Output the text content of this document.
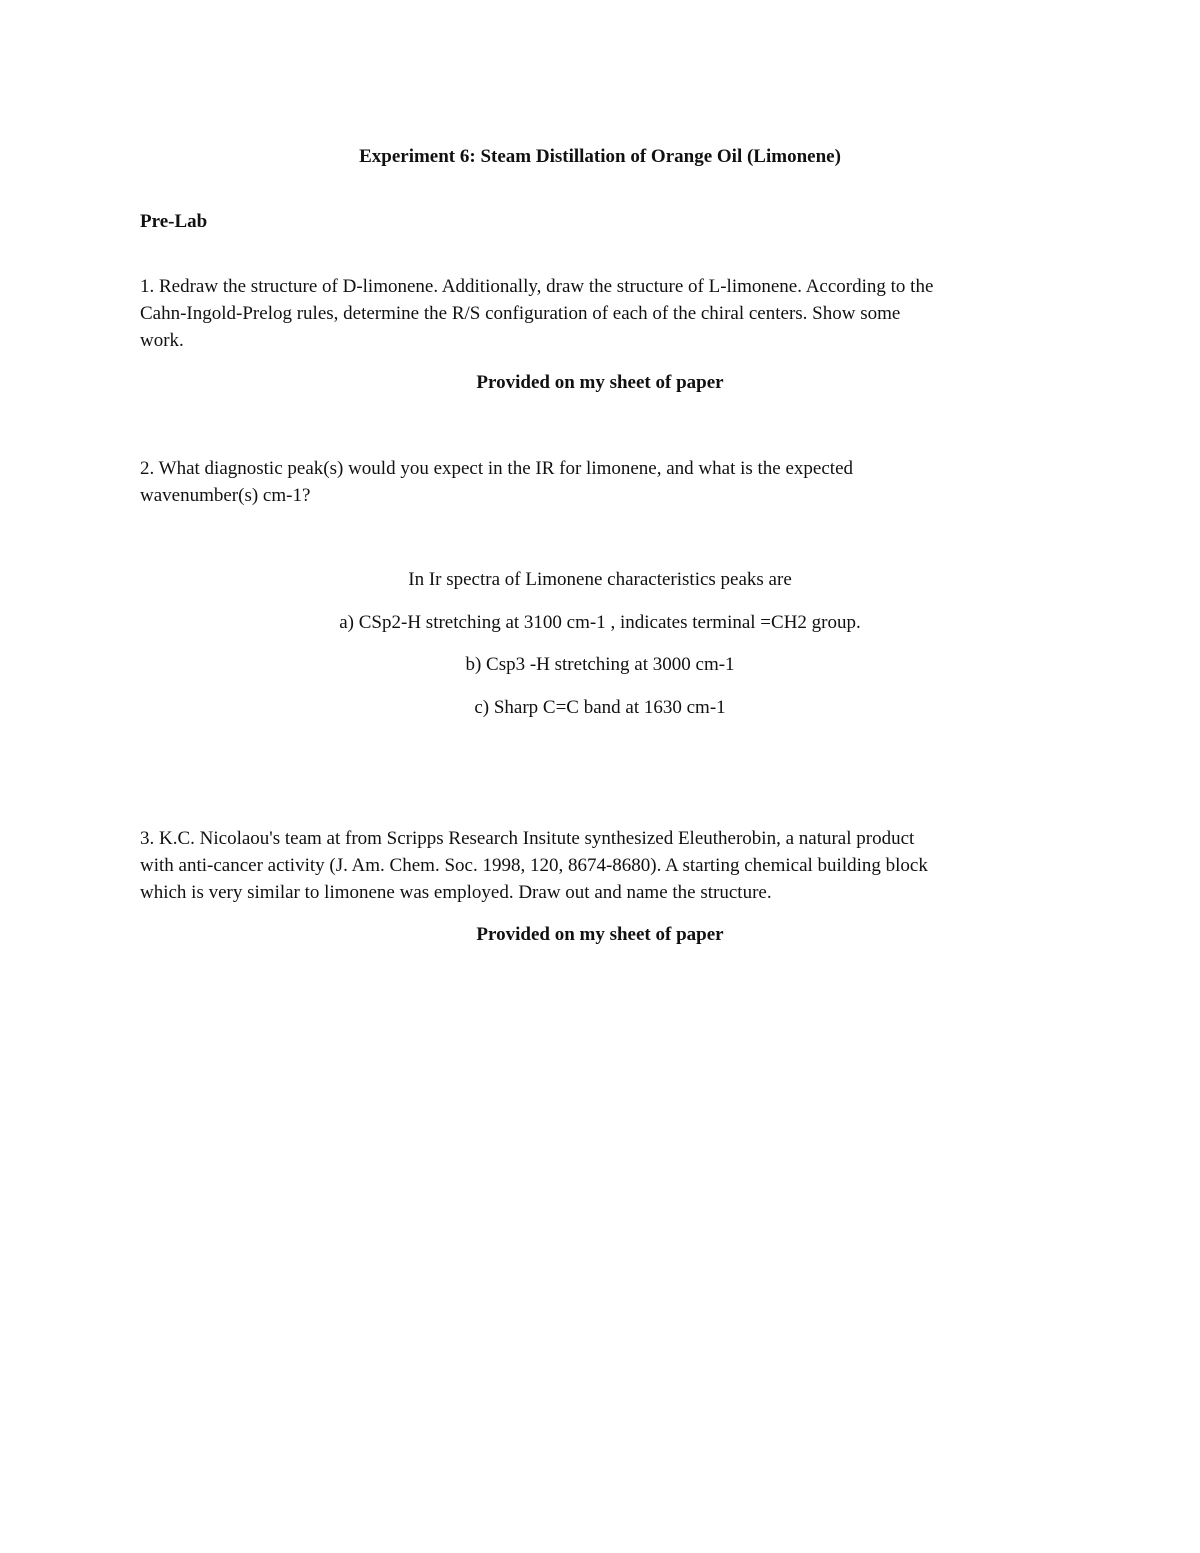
Experiment 6: Steam Distillation of Orange Oil (Limonene)
Pre-Lab
1. Redraw the structure of D-limonene. Additionally, draw the structure of L-limonene. According to the
Cahn-Ingold-Prelog rules, determine the R/S configuration of each of the chiral centers. Show some
work.
Provided on my sheet of paper
2. What diagnostic peak(s) would you expect in the IR for limonene, and what is the expected
wavenumber(s) cm-1?
In Ir spectra of Limonene characteristics peaks are
a) CSp2-H stretching at 3100 cm-1 , indicates terminal =CH2 group.
b) Csp3 -H stretching at 3000 cm-1
c) Sharp C=C band at 1630 cm-1
3. K.C. Nicolaou's team at from Scripps Research Insitute synthesized Eleutherobin, a natural product
with anti-cancer activity (J. Am. Chem. Soc. 1998, 120, 8674-8680). A starting chemical building block
which is very similar to limonene was employed. Draw out and name the structure.
Provided on my sheet of paper
